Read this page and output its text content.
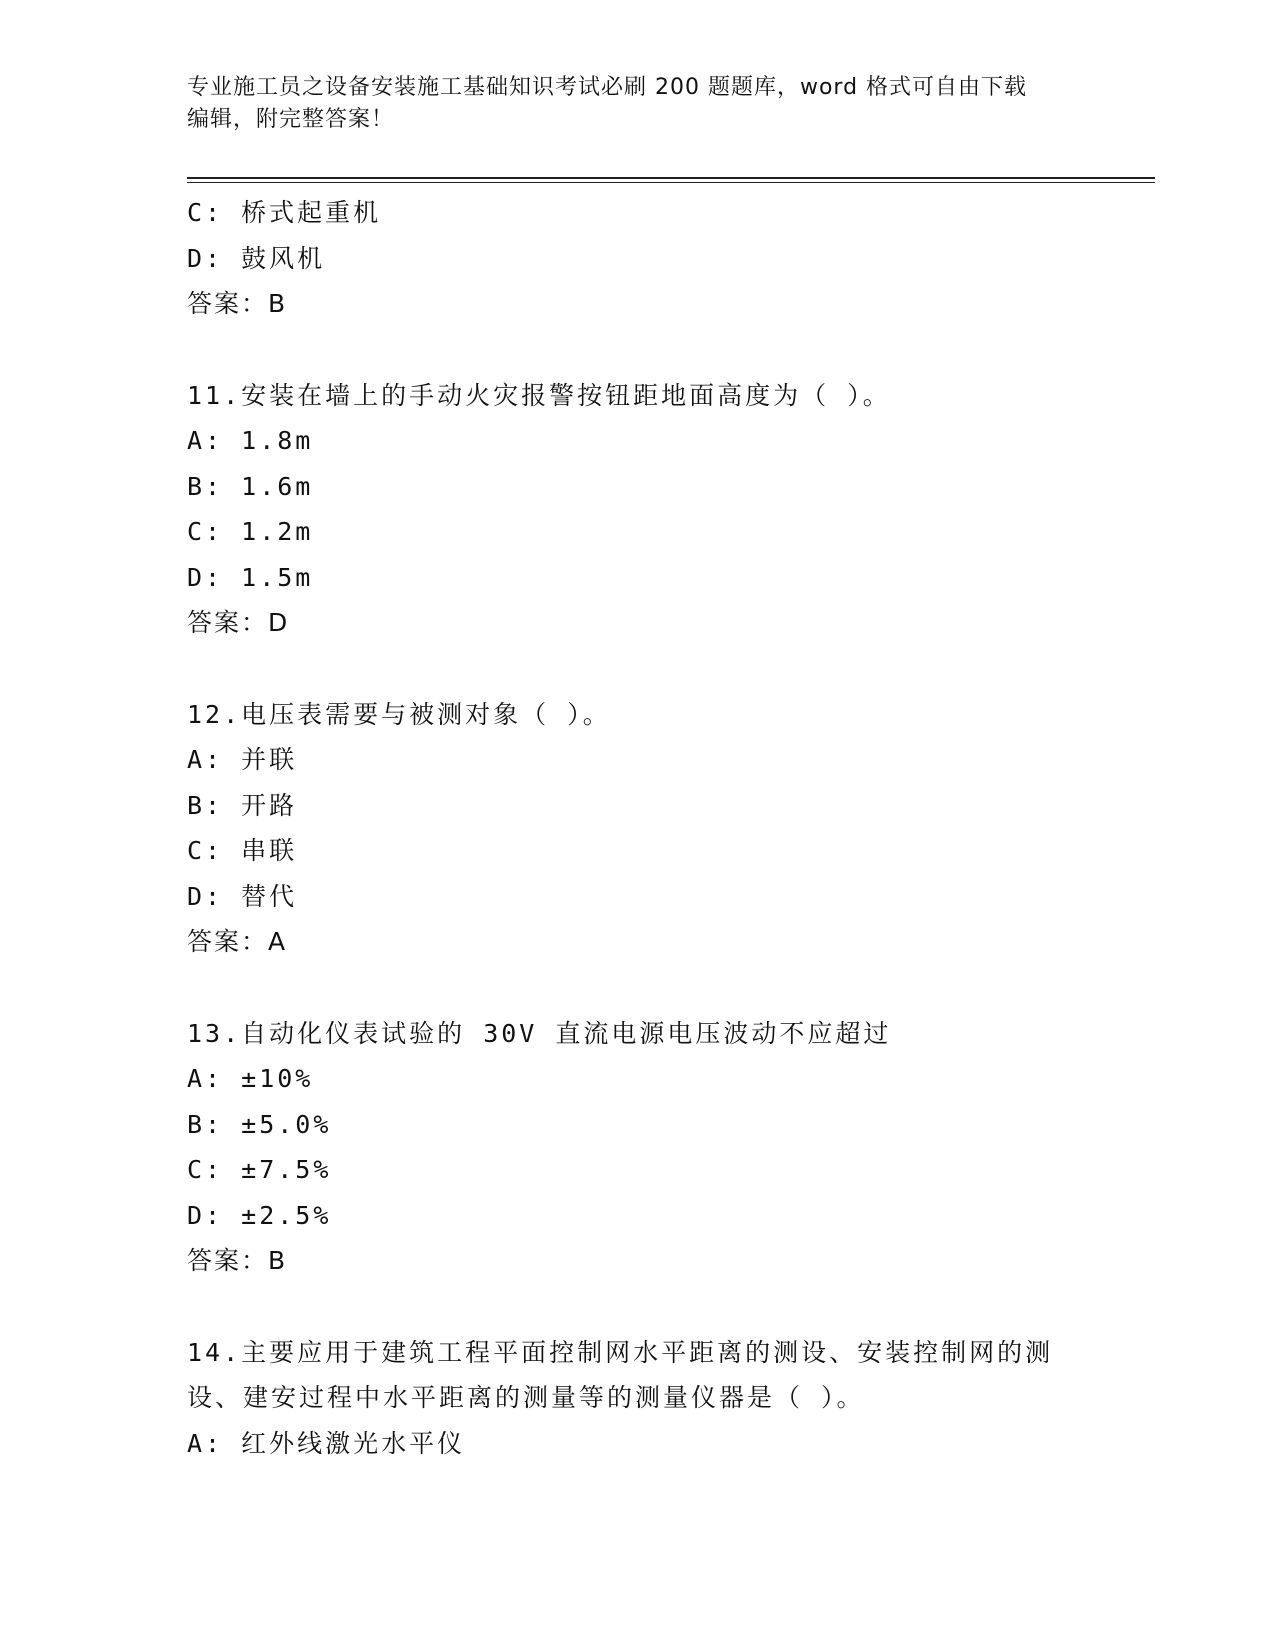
专业施工员之设备安装施工基础知识考试必刷 200 题题库，word 格式可自由下载
编辑，附完整答案！
C: 桥式起重机
D: 鼓风机
答案：B
11.安装在墙上的手动火灾报警按钮距地面高度为（ ）。
A: 1.8m
B: 1.6m
C: 1.2m
D: 1.5m
答案：D
12.电压表需要与被测对象（ ）。
A: 并联
B: 开路
C: 串联
D: 替代
答案：A
13.自动化仪表试验的 30V 直流电源电压波动不应超过
A: ±10%
B: ±5.0%
C: ±7.5%
D: ±2.5%
答案：B
14.主要应用于建筑工程平面控制网水平距离的测设、安装控制网的测
设、建安过程中水平距离的测量等的测量仪器是（ ）。
A: 红外线激光水平仪
